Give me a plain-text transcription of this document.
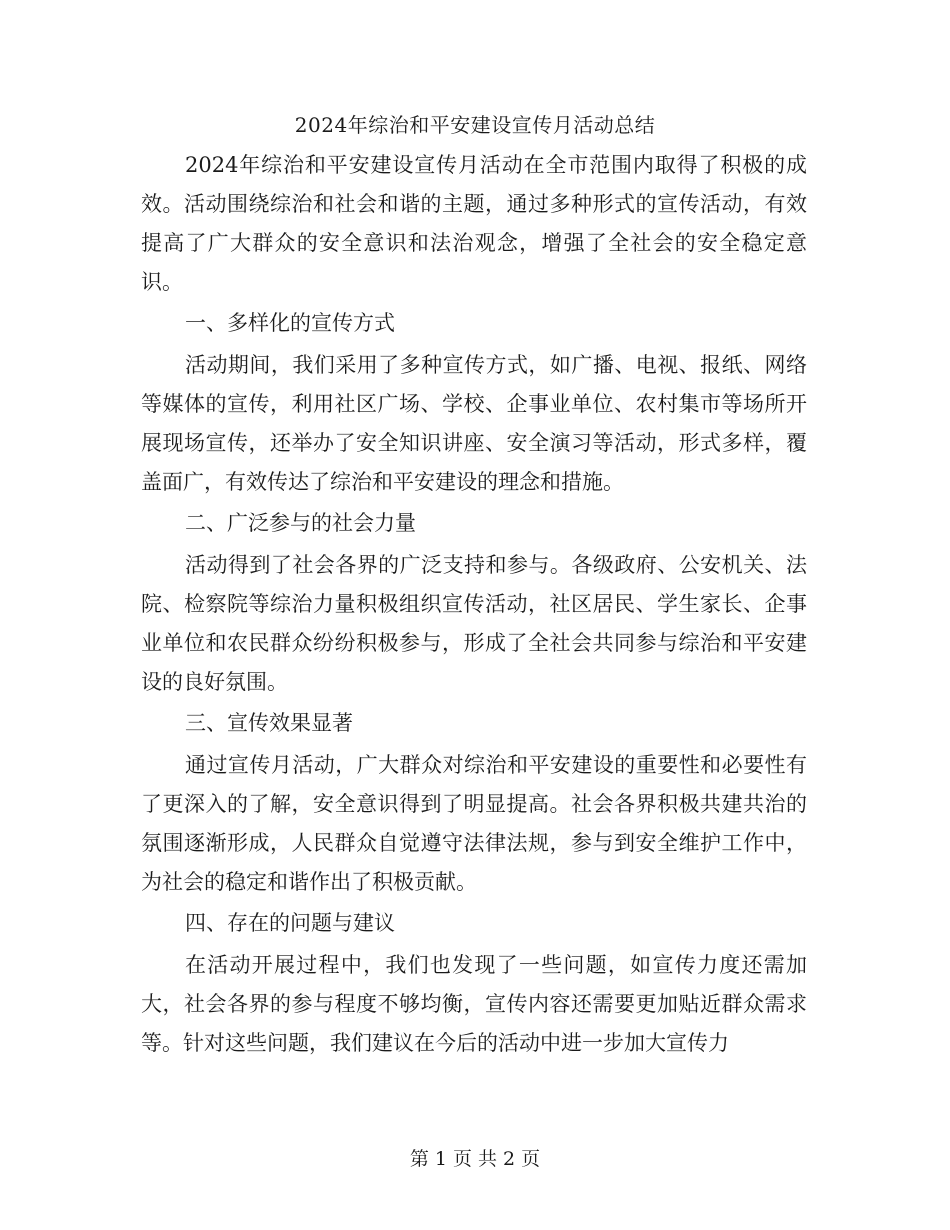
2024年综治和平安建设宣传月活动总结

2024年综治和平安建设宣传月活动在全市范围内取得了积极的成效。活动围绕综治和社会和谐的主题，通过多种形式的宣传活动，有效提高了广大群众的安全意识和法治观念，增强了全社会的安全稳定意识。

一、多样化的宣传方式

活动期间，我们采用了多种宣传方式，如广播、电视、报纸、网络等媒体的宣传，利用社区广场、学校、企事业单位、农村集市等场所开展现场宣传，还举办了安全知识讲座、安全演习等活动，形式多样，覆盖面广，有效传达了综治和平安建设的理念和措施。

二、广泛参与的社会力量

活动得到了社会各界的广泛支持和参与。各级政府、公安机关、法院、检察院等综治力量积极组织宣传活动，社区居民、学生家长、企事业单位和农民群众纷纷积极参与，形成了全社会共同参与综治和平安建设的良好氛围。

三、宣传效果显著

通过宣传月活动，广大群众对综治和平安建设的重要性和必要性有了更深入的了解，安全意识得到了明显提高。社会各界积极共建共治的氛围逐渐形成，人民群众自觉遵守法律法规，参与到安全维护工作中，为社会的稳定和谐作出了积极贡献。

四、存在的问题与建议

在活动开展过程中，我们也发现了一些问题，如宣传力度还需加大，社会各界的参与程度不够均衡，宣传内容还需要更加贴近群众需求等。针对这些问题，我们建议在今后的活动中进一步加大宣传力

第 1 页 共 2 页
